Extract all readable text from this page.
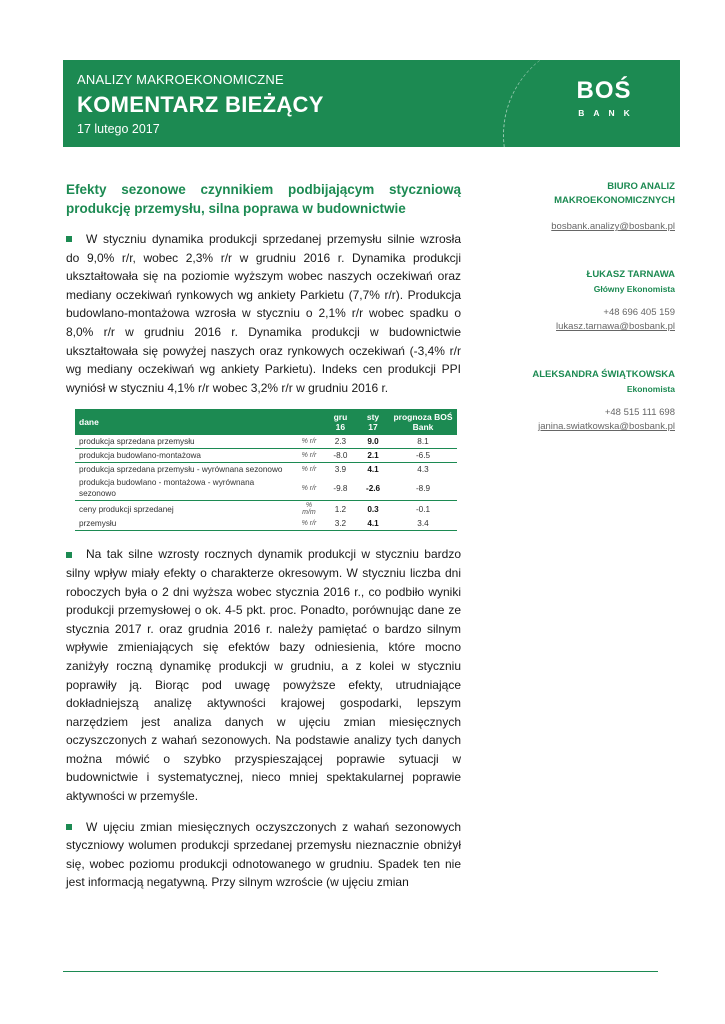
ANALIZY MAKROEKONOMICZNE
KOMENTARZ BIEŻĄCY
17 lutego 2017
BOŚ
BANK

Efekty sezonowe czynnikiem podbijającym styczniową produkcję przemysłu, silna poprawa w budownictwie

W styczniu dynamika produkcji sprzedanej przemysłu silnie wzrosła do 9,0% r/r, wobec 2,3% r/r w grudniu 2016 r. Dynamika produkcji ukształtowała się na poziomie wyższym wobec naszych oczekiwań oraz mediany oczekiwań rynkowych wg ankiety Parkietu (7,7% r/r). Produkcja budowlano-montażowa wzrosła w styczniu o 2,1% r/r wobec spadku o 8,0% r/r w grudniu 2016 r. Dynamika produkcji w budownictwie ukształtowała się powyżej naszych oraz rynkowych oczekiwań (-3,4% r/r wg mediany oczekiwań wg ankiety Parkietu). Indeks cen produkcji PPI wyniósł w styczniu 4,1% r/r wobec 3,2% r/r w grudniu 2016 r.

dane		gru 16	sty 17	prognoza BOŚ Bank
produkcja sprzedana przemysłu	% r/r	2.3	9.0	8.1
produkcja budowlano-montażowa	% r/r	-8.0	2.1	-6.5
produkcja sprzedana przemysłu - wyrównana sezonowo	% r/r	3.9	4.1	4.3
produkcja budowlano - montażowa - wyrównana sezonowo	% r/r	-9.8	-2.6	-8.9
ceny produkcji sprzedanej	% m/m	1.2	0.3	-0.1
przemysłu	% r/r	3.2	4.1	3.4

Na tak silne wzrosty rocznych dynamik produkcji w styczniu bardzo silny wpływ miały efekty o charakterze okresowym. W styczniu liczba dni roboczych była o 2 dni wyższa wobec stycznia 2016 r., co podbiło wyniki produkcji przemysłowej o ok. 4-5 pkt. proc. Ponadto, porównując dane ze stycznia 2017 r. oraz grudnia 2016 r. należy pamiętać o bardzo silnym wpływie zmieniających się efektów bazy odniesienia, które mocno zaniżyły roczną dynamikę produkcji w grudniu, a z kolei w styczniu poprawiły ją. Biorąc pod uwagę powyższe efekty, utrudniające dokładniejszą analizę aktywności krajowej gospodarki, lepszym narzędziem jest analiza danych w ujęciu zmian miesięcznych oczyszczonych z wahań sezonowych. Na podstawie analizy tych danych można mówić o szybko przyspieszającej poprawie sytuacji w budownictwie i systematycznej, nieco mniej spektakularnej poprawie aktywności w przemyśle.

W ujęciu zmian miesięcznych oczyszczonych z wahań sezonowych styczniowy wolumen produkcji sprzedanej przemysłu nieznacznie obniżył się, wobec poziomu produkcji odnotowanego w grudniu. Spadek ten nie jest informacją negatywną. Przy silnym wzroście (w ujęciu zmian

BIURO ANALIZ
MAKROEKONOMICZNYCH
bosbank.analizy@bosbank.pl
ŁUKASZ TARNAWA
Główny Ekonomista
+48 696 405 159
lukasz.tarnawa@bosbank.pl
ALEKSANDRA ŚWIĄTKOWSKA
Ekonomista
+48 515 111 698
janina.swiatkowska@bosbank.pl
